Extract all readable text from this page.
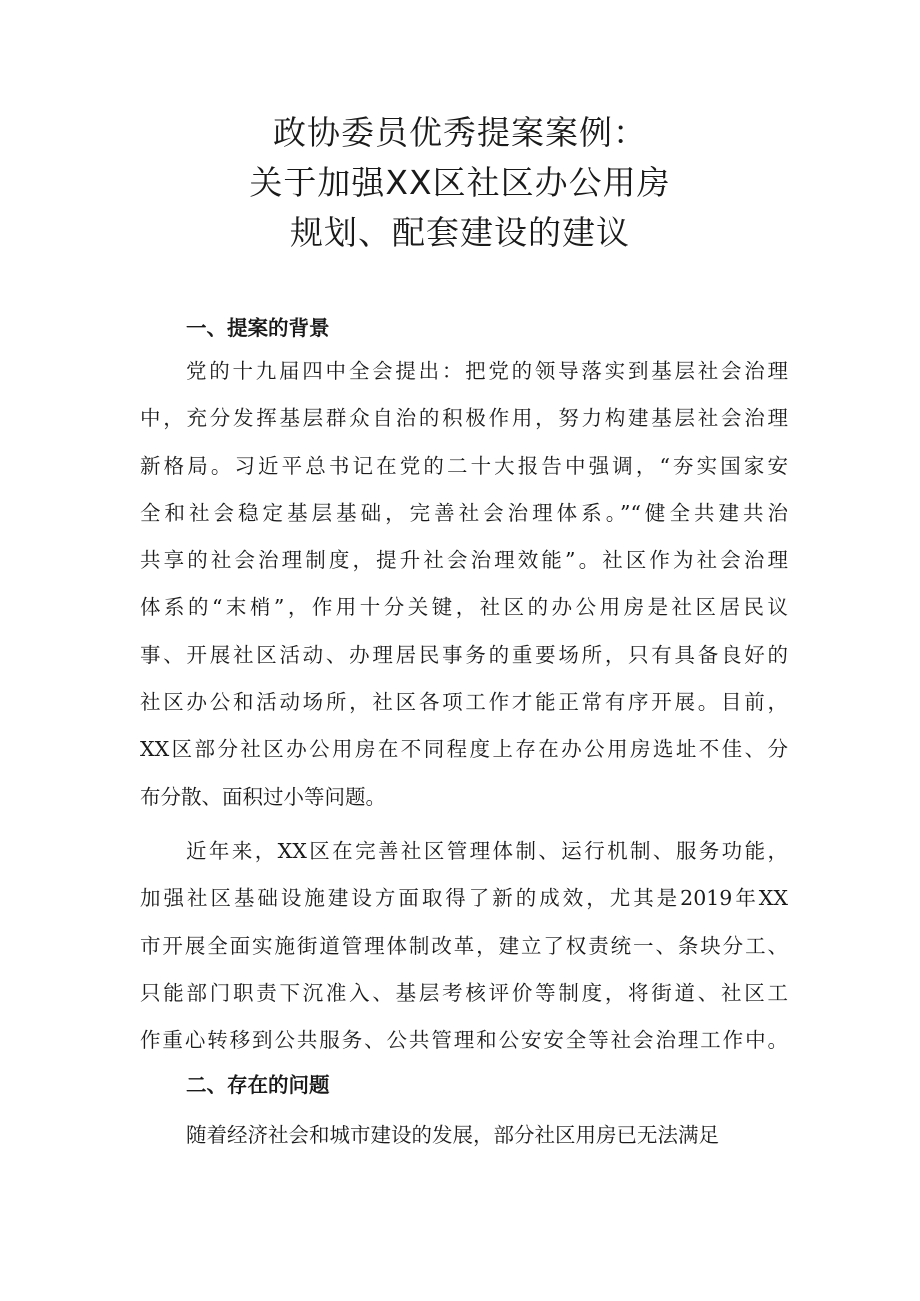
政协委员优秀提案案例：
关于加强XX区社区办公用房
规划、配套建设的建议
一、提案的背景
党的十九届四中全会提出：把党的领导落实到基层社会治理
中，充分发挥基层群众自治的积极作用，努力构建基层社会治理
新格局。习近平总书记在党的二十大报告中强调，“夯实国家安
全和社会稳定基层基础，完善社会治理体系。”“健全共建共治
共享的社会治理制度，提升社会治理效能”。社区作为社会治理
体系的“末梢”，作用十分关键，社区的办公用房是社区居民议
事、开展社区活动、办理居民事务的重要场所，只有具备良好的
社区办公和活动场所，社区各项工作才能正常有序开展。目前，
XX区部分社区办公用房在不同程度上存在办公用房选址不佳、分
布分散、面积过小等问题。
近年来，XX区在完善社区管理体制、运行机制、服务功能，
加强社区基础设施建设方面取得了新的成效，尤其是2019年XX
市开展全面实施街道管理体制改革，建立了权责统一、条块分工、
只能部门职责下沉准入、基层考核评价等制度，将街道、社区工
作重心转移到公共服务、公共管理和公安安全等社会治理工作中。
二、存在的问题
随着经济社会和城市建设的发展，部分社区用房已无法满足
